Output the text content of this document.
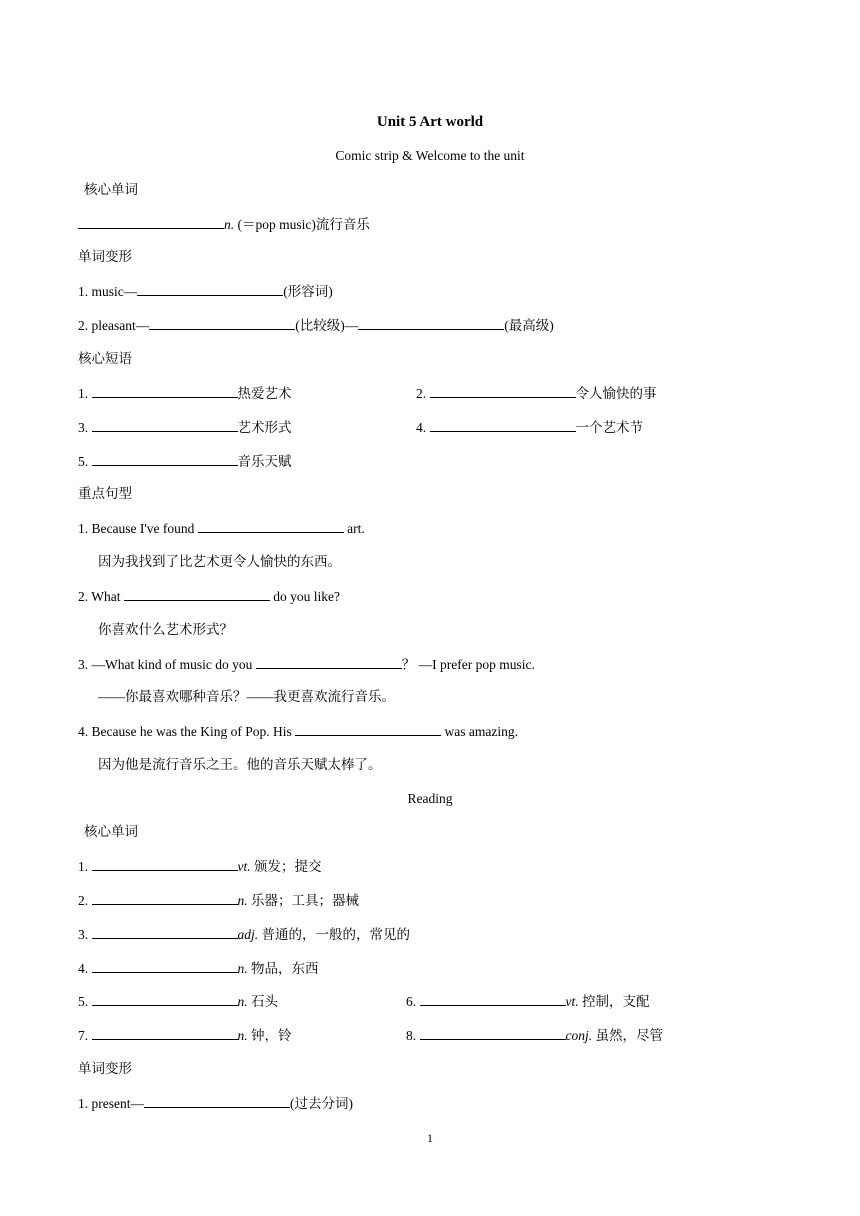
Unit 5 Art world
Comic strip & Welcome to the unit
核心单词
n. (＝pop music)流行音乐
单词变形
1. music—	(形容词)
2. pleasant—	(比较级)—	(最高级)
核心短语
1.	热爱艺术	2.	令人愉快的事
3.	艺术形式	4.	一个艺术节
5.	音乐天赋
重点句型
1. Because I've found	art.
因为我找到了比艺术更令人愉快的东西。
2. What	do you like?
你喜欢什么艺术形式？
3. —What kind of music do you	？ —I prefer pop music.
——你最喜欢哪种音乐？——我更喜欢流行音乐。
4. Because he was the King of Pop. His	was amazing.
因为他是流行音乐之王。他的音乐天赋太棒了。
Reading
核心单词
1.	vt. 颁发；提交
2.	n. 乐器；工具；器械
3.	adj. 普通的，一般的，常见的
4.	n. 物品，东西
5.	n. 石头	6.	vt. 控制，支配
7.	n. 钟，铃	8.	conj. 虽然，尽管
单词变形
1. present—	(过去分词)
1
